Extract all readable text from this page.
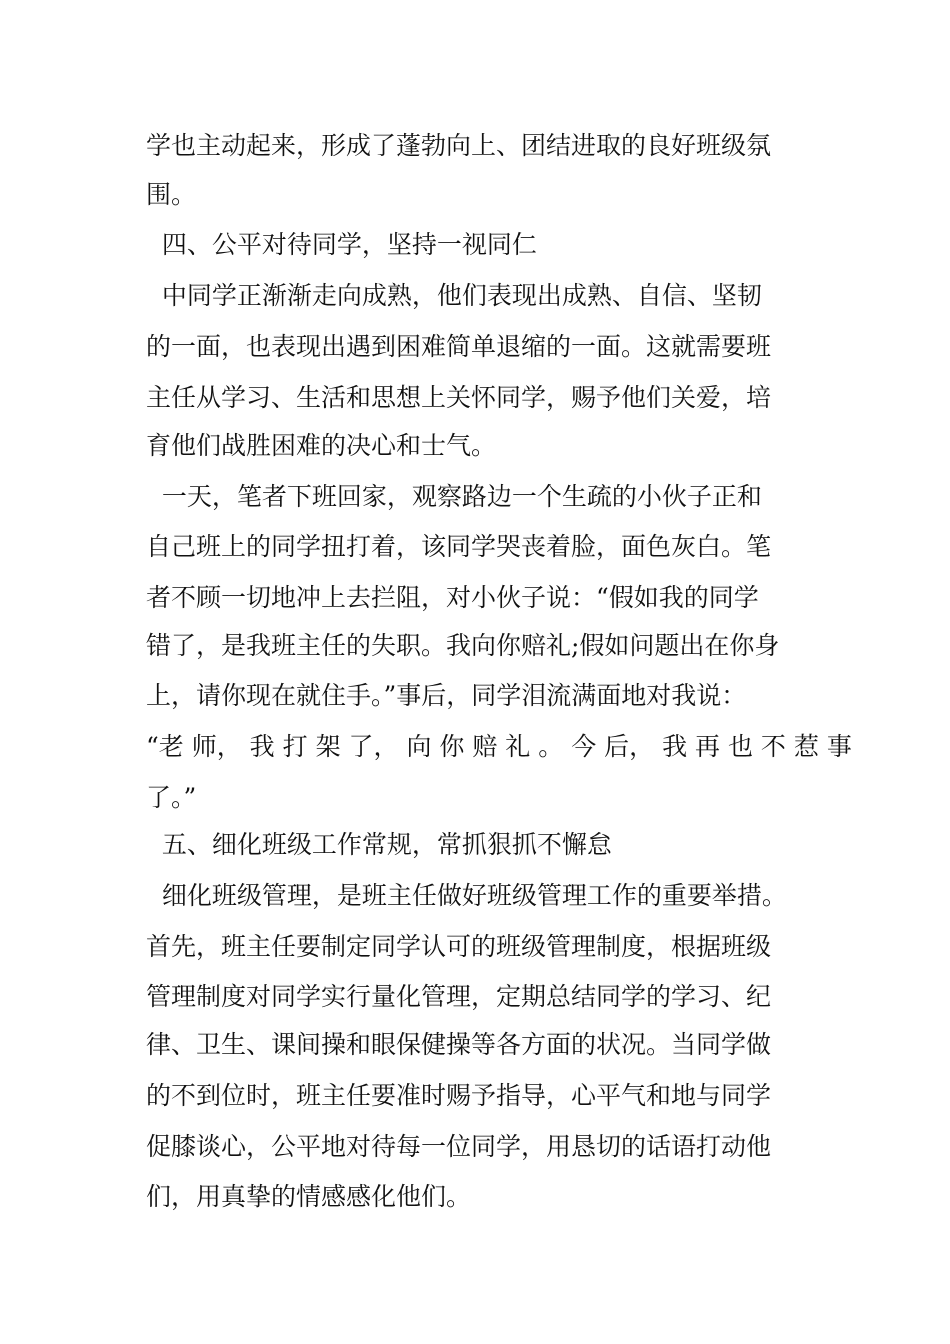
学也主动起来，形成了蓬勃向上、团结进取的良好班级氛
围。
四、公平对待同学，坚持一视同仁
中同学正渐渐走向成熟，他们表现出成熟、自信、坚韧
的一面，也表现出遇到困难简单退缩的一面。这就需要班
主任从学习、生活和思想上关怀同学，赐予他们关爱，培
育他们战胜困难的决心和士气。
一天，笔者下班回家，观察路边一个生疏的小伙子正和
自己班上的同学扭打着，该同学哭丧着脸，面色灰白。笔
者不顾一切地冲上去拦阻，对小伙子说：“假如我的同学
错了，是我班主任的失职。我向你赔礼;假如问题出在你身
上，请你现在就住手。”事后，同学泪流满面地对我说：
“老 师， 我 打 架 了， 向 你 赔 礼 。 今 后， 我 再 也 不 惹 事
了。”
五、细化班级工作常规，常抓狠抓不懈怠
细化班级管理，是班主任做好班级管理工作的重要举措。
首先，班主任要制定同学认可的班级管理制度，根据班级
管理制度对同学实行量化管理，定期总结同学的学习、纪
律、卫生、课间操和眼保健操等各方面的状况。当同学做
的不到位时，班主任要准时赐予指导，心平气和地与同学
促膝谈心，公平地对待每一位同学，用恳切的话语打动他
们，用真挚的情感感化他们。
